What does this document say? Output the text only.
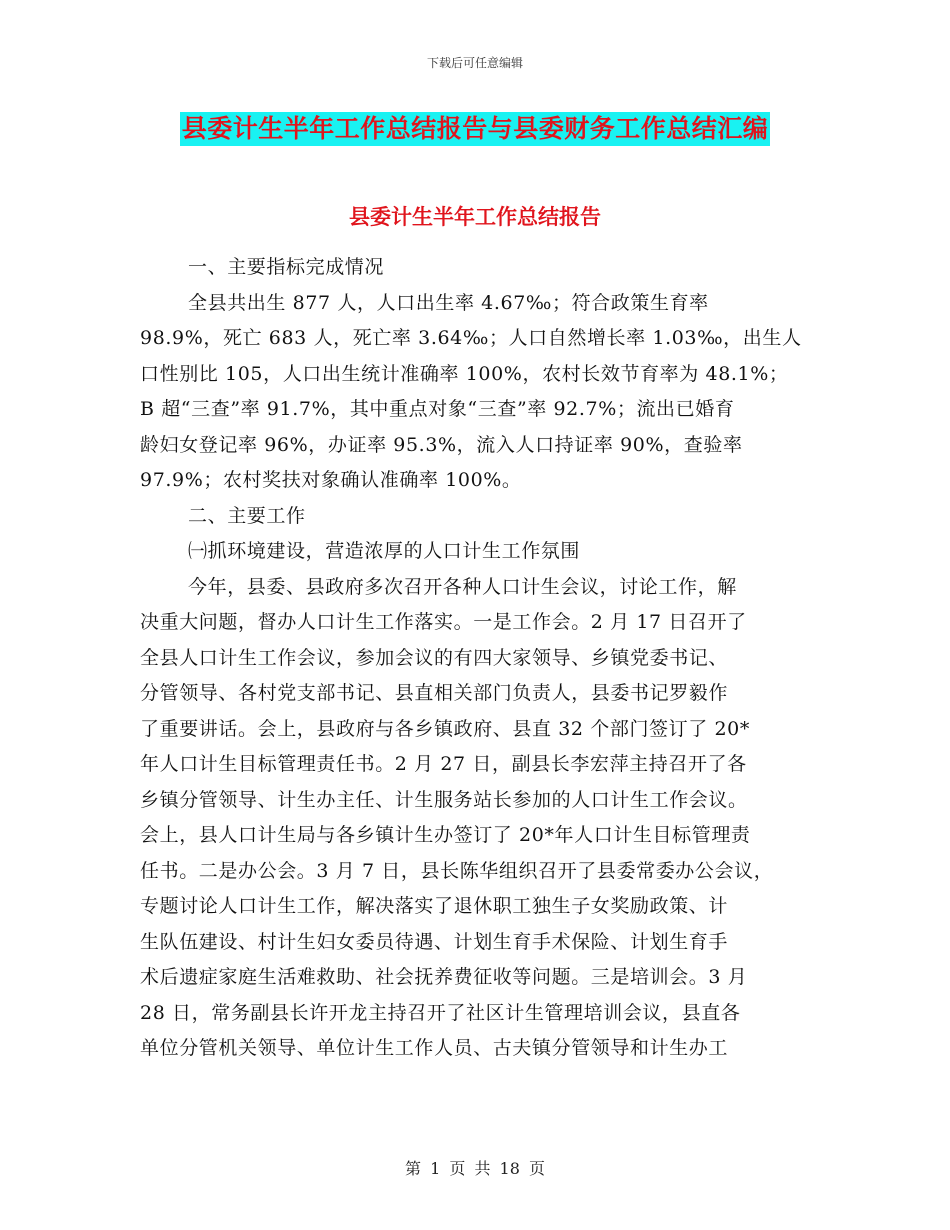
下载后可任意编辑
县委计生半年工作总结报告与县委财务工作总结汇编
县委计生半年工作总结报告
一、主要指标完成情况
全县共出生 877 人，人口出生率 4.67‰；符合政策生育率
98.9%，死亡 683 人，死亡率 3.64‰；人口自然增长率 1.03‰，出生人
口性别比 105，人口出生统计准确率 100%，农村长效节育率为 48.1%；
B 超“三查”率 91.7%，其中重点对象“三查”率 92.7%；流出已婚育
龄妇女登记率 96%，办证率 95.3%，流入人口持证率 90%，查验率
97.9%；农村奖扶对象确认准确率 100%。
二、主要工作
㈠抓环境建设，营造浓厚的人口计生工作氛围
今年，县委、县政府多次召开各种人口计生会议，讨论工作，解
决重大问题，督办人口计生工作落实。一是工作会。2 月 17 日召开了
全县人口计生工作会议，参加会议的有四大家领导、乡镇党委书记、
分管领导、各村党支部书记、县直相关部门负责人，县委书记罗毅作
了重要讲话。会上，县政府与各乡镇政府、县直 32 个部门签订了 20*
年人口计生目标管理责任书。2 月 27 日，副县长李宏萍主持召开了各
乡镇分管领导、计生办主任、计生服务站长参加的人口计生工作会议。
会上，县人口计生局与各乡镇计生办签订了 20*年人口计生目标管理责
任书。二是办公会。3 月 7 日，县长陈华组织召开了县委常委办公会议，
专题讨论人口计生工作，解决落实了退休职工独生子女奖励政策、计
生队伍建设、村计生妇女委员待遇、计划生育手术保险、计划生育手
术后遗症家庭生活难救助、社会抚养费征收等问题。三是培训会。3 月
28 日，常务副县长许开龙主持召开了社区计生管理培训会议，县直各
单位分管机关领导、单位计生工作人员、古夫镇分管领导和计生办工
第 1 页 共 18 页
